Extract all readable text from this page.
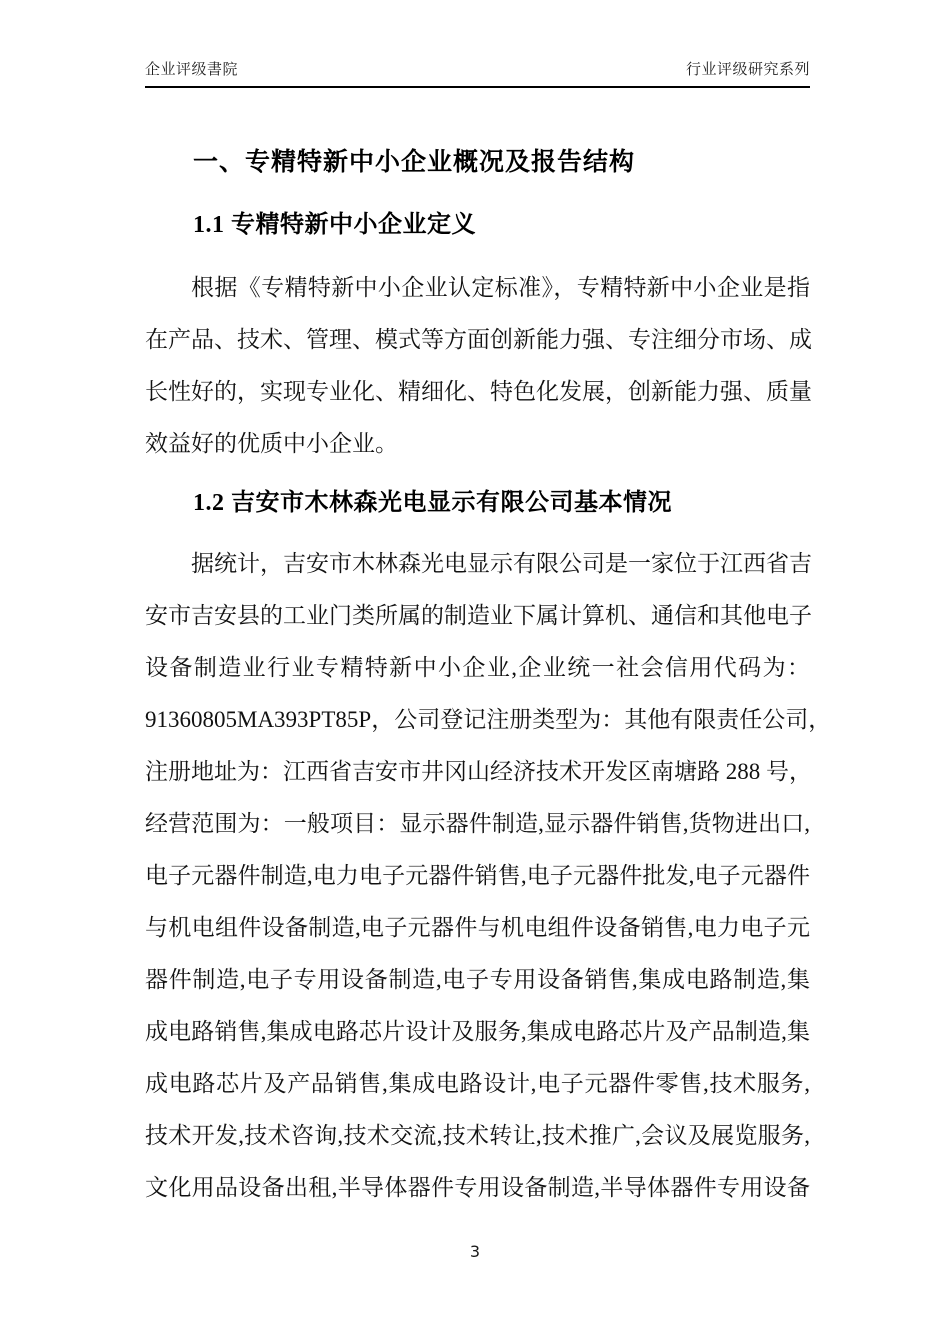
企业评级書院	行业评级研究系列
一、专精特新中小企业概况及报告结构
1.1 专精特新中小企业定义
根据《专精特新中小企业认定标准》，专精特新中小企业是指
在产品、技术、管理、模式等方面创新能力强、专注细分市场、成
长性好的，实现专业化、精细化、特色化发展，创新能力强、质量
效益好的优质中小企业。
1.2 吉安市木林森光电显示有限公司基本情况
据统计，吉安市木林森光电显示有限公司是一家位于江西省吉
安市吉安县的工业门类所属的制造业下属计算机、通信和其他电子
设备制造业行业专精特新中小企业,企业统一社会信用代码为：
91360805MA393PT85P，公司登记注册类型为：其他有限责任公司，
注册地址为：江西省吉安市井冈山经济技术开发区南塘路 288 号，
经营范围为：一般项目：显示器件制造,显示器件销售,货物进出口,
电子元器件制造,电力电子元器件销售,电子元器件批发,电子元器件
与机电组件设备制造,电子元器件与机电组件设备销售,电力电子元
器件制造,电子专用设备制造,电子专用设备销售,集成电路制造,集
成电路销售,集成电路芯片设计及服务,集成电路芯片及产品制造,集
成电路芯片及产品销售,集成电路设计,电子元器件零售,技术服务,
技术开发,技术咨询,技术交流,技术转让,技术推广,会议及展览服务,
文化用品设备出租,半导体器件专用设备制造,半导体器件专用设备
3
